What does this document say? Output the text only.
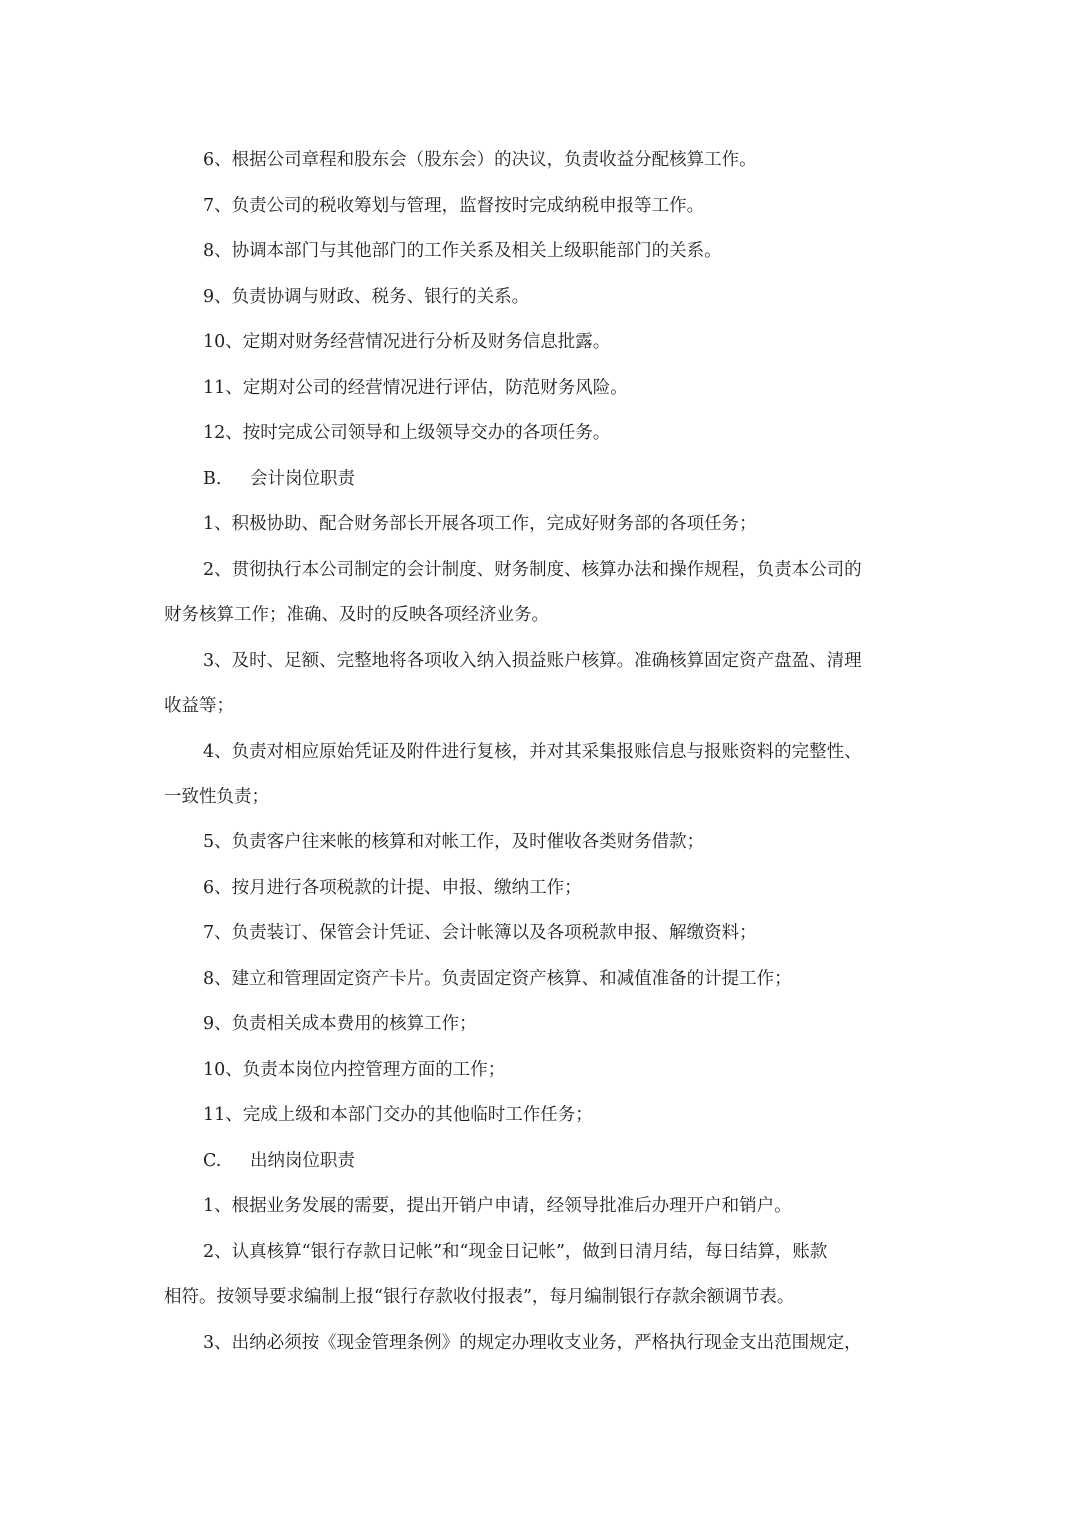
6、根据公司章程和股东会（股东会）的决议，负责收益分配核算工作。

7、负责公司的税收筹划与管理，监督按时完成纳税申报等工作。

8、协调本部门与其他部门的工作关系及相关上级职能部门的关系。

9、负责协调与财政、税务、银行的关系。

10、定期对财务经营情况进行分析及财务信息批露。

11、定期对公司的经营情况进行评估，防范财务风险。

12、按时完成公司领导和上级领导交办的各项任务。

B. 会计岗位职责

1、积极协助、配合财务部长开展各项工作，完成好财务部的各项任务；

2、贯彻执行本公司制定的会计制度、财务制度、核算办法和操作规程，负责本公司的

财务核算工作；准确、及时的反映各项经济业务。

3、及时、足额、完整地将各项收入纳入损益账户核算。准确核算固定资产盘盈、清理

收益等；

4、负责对相应原始凭证及附件进行复核，并对其采集报账信息与报账资料的完整性、

一致性负责；

5、负责客户往来帐的核算和对帐工作，及时催收各类财务借款；

6、按月进行各项税款的计提、申报、缴纳工作；

7、负责装订、保管会计凭证、会计帐簿以及各项税款申报、解缴资料；

8、建立和管理固定资产卡片。负责固定资产核算、和减值准备的计提工作；

9、负责相关成本费用的核算工作；

10、负责本岗位内控管理方面的工作；

11、完成上级和本部门交办的其他临时工作任务；

C. 出纳岗位职责

1、根据业务发展的需要，提出开销户申请，经领导批准后办理开户和销户。

2、认真核算“银行存款日记帐”和“现金日记帐”，做到日清月结，每日结算，账款

相符。按领导要求编制上报“银行存款收付报表”，每月编制银行存款余额调节表。

3、出纳必须按《现金管理条例》的规定办理收支业务，严格执行现金支出范围规定，
